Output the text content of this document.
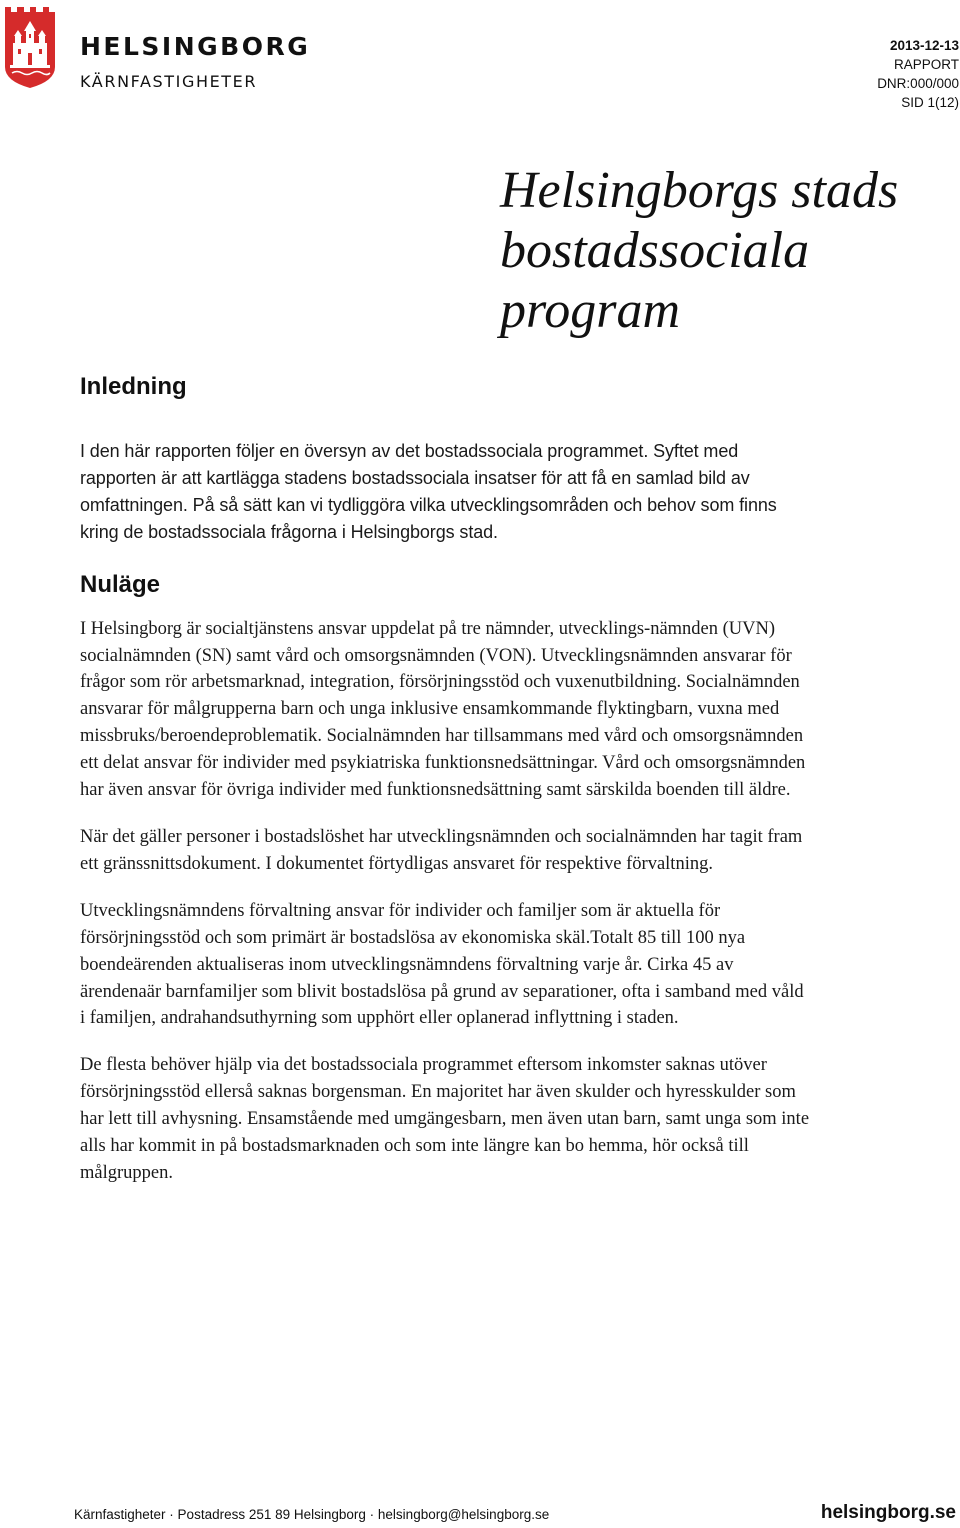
HELSINGBORG
KÄRNFASTIGHETER
2013-12-13
RAPPORT
DNR:000/000
SID 1(12)
Helsingborgs stads
bostadssociala
program
Inledning

I den här rapporten följer en översyn av det bostadssociala programmet. Syftet med rapporten är att kartlägga stadens bostadssociala insatser för att få en samlad bild av omfattningen. På så sätt kan vi tydliggöra vilka utvecklingsområden och behov som finns kring de bostadssociala frågorna i Helsingborgs stad.

Nuläge

I Helsingborg är socialtjänstens ansvar uppdelat på tre nämnder, utvecklings-nämnden (UVN) socialnämnden (SN) samt vård och omsorgsnämnden (VON). Utvecklingsnämnden ansvarar för frågor som rör arbetsmarknad, integration, försörjningsstöd och vuxenutbildning. Socialnämnden ansvarar för målgrupperna barn och unga inklusive ensamkommande flyktingbarn, vuxna med missbruks/beroendeproblematik. Socialnämnden har tillsammans med vård och omsorgsnämnden ett delat ansvar för individer med psykiatriska funktionsnedsättningar. Vård och omsorgsnämnden har även ansvar för övriga individer med funktionsnedsättning samt särskilda boenden till äldre.

När det gäller personer i bostadslöshet har utvecklingsnämnden och socialnämnden har tagit fram ett gränssnittsdokument. I dokumentet förtydligas ansvaret för respektive förvaltning.

Utvecklingsnämndens förvaltning ansvar för individer och familjer som är aktuella för försörjningsstöd och som primärt är bostadslösa av ekonomiska skäl.Totalt 85 till 100 nya boendeärenden aktualiseras inom utvecklingsnämndens förvaltning varje år. Cirka 45 av ärendenaär barnfamiljer som blivit bostadslösa på grund av separationer, ofta i samband med våld i familjen, andrahandsuthyrning som upphört eller oplanerad inflyttning i staden.

De flesta behöver hjälp via det bostadssociala programmet eftersom inkomster saknas utöver försörjningsstöd ellerså saknas borgensman. En majoritet har även skulder och hyresskulder som har lett till avhysning. Ensamstående med umgängesbarn, men även utan barn, samt unga som inte alls har kommit in på bostadsmarknaden och som inte längre kan bo hemma, hör också till målgruppen.

Kärnfastigheter · Postadress 251 89 Helsingborg · helsingborg@helsingborg.se	helsingborg.se
